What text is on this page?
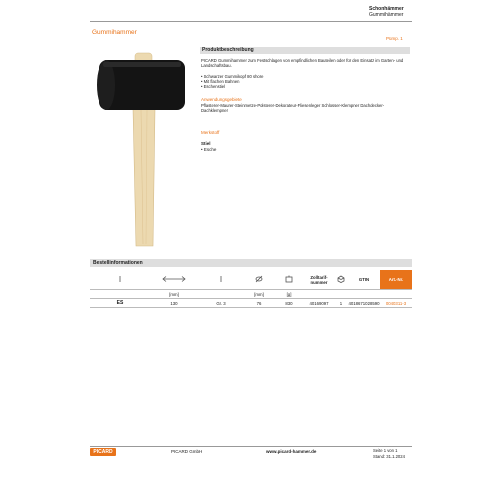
Schonhämmer
Gummihämmer
Gummihammer
Pümp. 1
Produktbeschreibung
PICARD Gummihammer zum Festschlagen von empfindlichen Bauteilen oder für den Einsatz im Garten- und Landschaftsbau.
• Schwarzer Gummikopf 80 shore
• Mit flachen Bahnen
• Eschenstiel
Anwendungsgebiete
Pflasterer-Maurer-Steinmetze-Polsterer-Dekorateur-Fliesenleger Schlosser-Klempner Dachdecker-Dachklempner
Merkstoff
Stiel
• Esche
Bestellinformationen
					Zolltarif-nummer		GTIN	Art.-Nr.
	[mm]		[mm]	[g]				
ES	130	Gr. 3	76	830	40169097	1	4018671028590	0040311-3
PICARD	PICARD GmbH	www.picard-hammer.de	Seite 1 von 1
Stand: 31.1.2024
